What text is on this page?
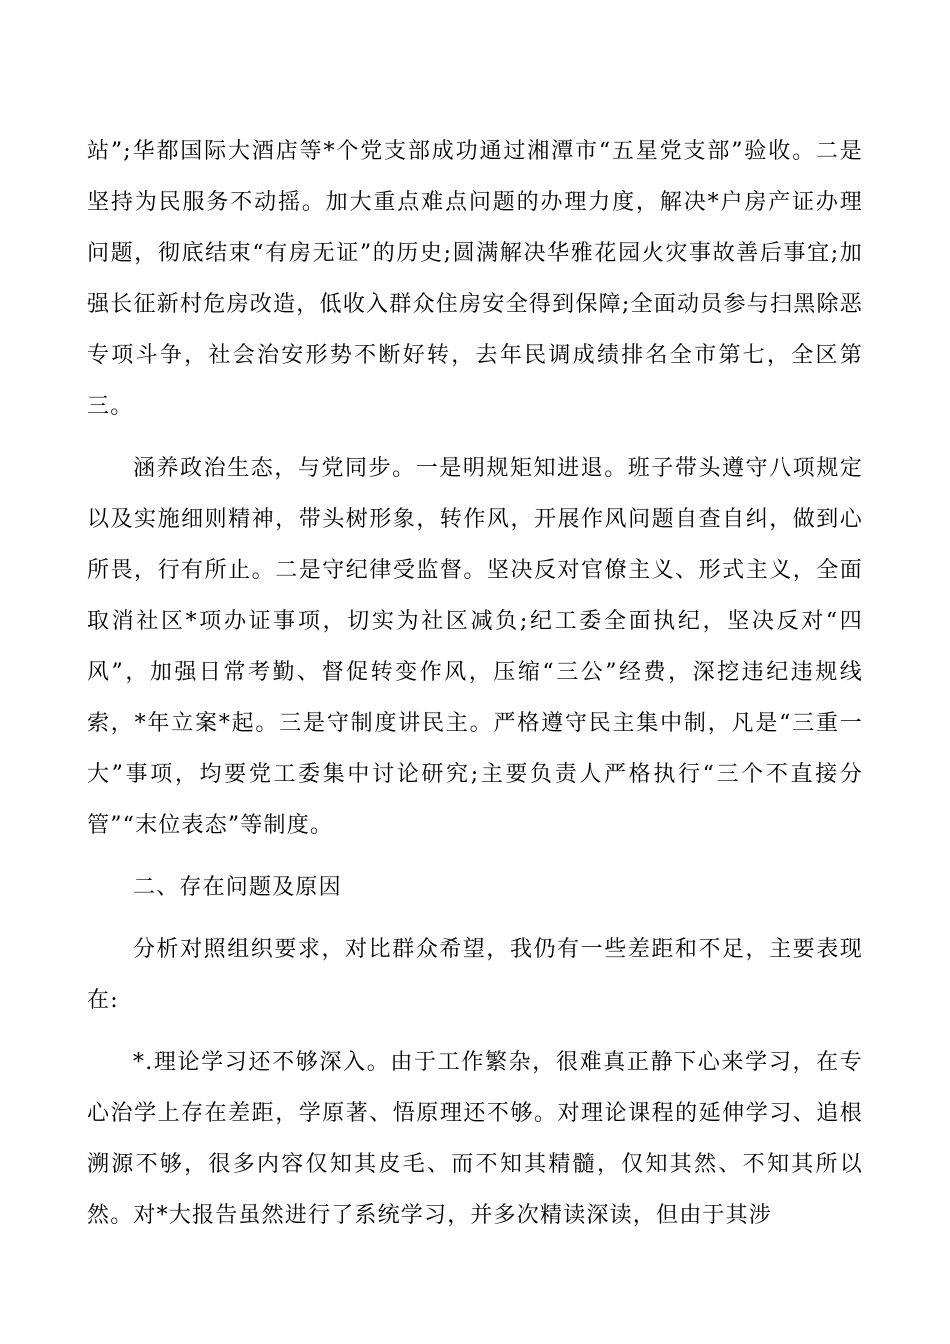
站”;华都国际大酒店等*个党支部成功通过湘潭市“五星党支部”验收。二是坚持为民服务不动摇。加大重点难点问题的办理力度，解决*户房产证办理问题，彻底结束“有房无证”的历史;圆满解决华雅花园火灾事故善后事宜;加强长征新村危房改造，低收入群众住房安全得到保障;全面动员参与扫黑除恶专项斗争，社会治安形势不断好转，去年民调成绩排名全市第七，全区第三。

涵养政治生态，与党同步。一是明规矩知进退。班子带头遵守八项规定以及实施细则精神，带头树形象，转作风，开展作风问题自查自纠，做到心所畏，行有所止。二是守纪律受监督。坚决反对官僚主义、形式主义，全面取消社区*项办证事项，切实为社区减负;纪工委全面执纪，坚决反对“四风”，加强日常考勤、督促转变作风，压缩“三公”经费，深挖违纪违规线索，*年立案*起。三是守制度讲民主。严格遵守民主集中制，凡是“三重一大”事项，均要党工委集中讨论研究;主要负责人严格执行“三个不直接分管”“末位表态”等制度。

二、存在问题及原因

分析对照组织要求，对比群众希望，我仍有一些差距和不足，主要表现在:

*.理论学习还不够深入。由于工作繁杂，很难真正静下心来学习，在专心治学上存在差距，学原著、悟原理还不够。对理论课程的延伸学习、追根溯源不够，很多内容仅知其皮毛、而不知其精髓，仅知其然、不知其所以然。对*大报告虽然进行了系统学习，并多次精读深读，但由于其涉
